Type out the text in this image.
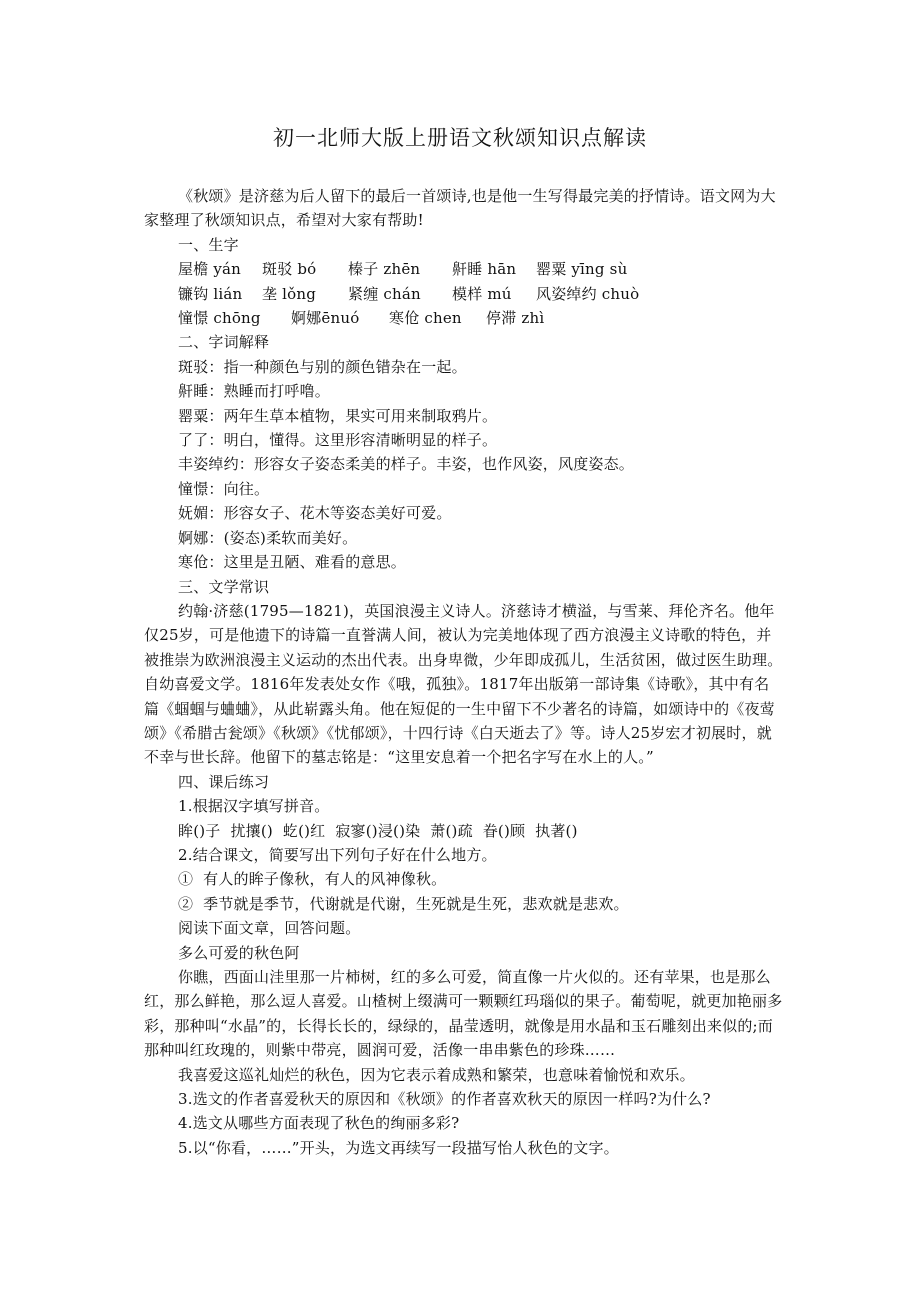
初一北师大版上册语文秋颂知识点解读

《秋颂》是济慈为后人留下的最后一首颂诗,也是他一生写得最完美的抒情诗。语文网为大家整理了秋颂知识点，希望对大家有帮助!

一、生字

屋檐 yán 斑驳 bó 榛子 zhēn 鼾睡 hān 罂粟 yīng sù
镰钩 lián 垄 lǒng 紧缠 chán 模样 mú 风姿绰约 chuò
憧憬 chōng 婀娜ēnuó 寒伧 chen 停滞 zhì

二、字词解释

斑驳：指一种颜色与别的颜色错杂在一起。

鼾睡：熟睡而打呼噜。

罂粟：两年生草本植物，果实可用来制取鸦片。

了了：明白，懂得。这里形容清晰明显的样子。

丰姿绰约：形容女子姿态柔美的样子。丰姿，也作风姿，风度姿态。

憧憬：向往。

妩媚：形容女子、花木等姿态美好可爱。

婀娜：(姿态)柔软而美好。

寒伧：这里是丑陋、难看的意思。

三、文学常识

约翰·济慈(1795—1821)，英国浪漫主义诗人。济慈诗才横溢，与雪莱、拜伦齐名。他年仅25岁，可是他遗下的诗篇一直誉满人间，被认为完美地体现了西方浪漫主义诗歌的特色，并被推崇为欧洲浪漫主义运动的杰出代表。出身卑微，少年即成孤儿，生活贫困，做过医生助理。自幼喜爱文学。1816年发表处女作《哦，孤独》。1817年出版第一部诗集《诗歌》，其中有名篇《蝈蝈与蛐蛐》，从此崭露头角。他在短促的一生中留下不少著名的诗篇，如颂诗中的《夜莺颂》《希腊古瓮颂》《秋颂》《忧郁颂》，十四行诗《白天逝去了》等。诗人25岁宏才初展时，就不幸与世长辞。他留下的墓志铭是：“这里安息着一个把名字写在水上的人。”

四、课后练习

1.根据汉字填写拼音。

眸()子  扰攘()  虼()红  寂寥()浸()染  萧()疏  眷()顾  执著()

2.结合课文，简要写出下列句子好在什么地方。

①  有人的眸子像秋，有人的风神像秋。

②  季节就是季节，代谢就是代谢，生死就是生死，悲欢就是悲欢。

阅读下面文章，回答问题。

多么可爱的秋色阿

你瞧，西面山洼里那一片柿树，红的多么可爱，简直像一片火似的。还有苹果，也是那么红，那么鲜艳，那么逗人喜爱。山楂树上缀满可一颗颗红玛瑙似的果子。葡萄呢，就更加艳丽多彩，那种叫“水晶”的，长得长长的，绿绿的，晶莹透明，就像是用水晶和玉石雕刻出来似的;而那种叫红玫瑰的，则紫中带亮，圆润可爱，活像一串串紫色的珍珠……

我喜爱这巡礼灿烂的秋色，因为它表示着成熟和繁荣，也意味着愉悦和欢乐。

3.选文的作者喜爱秋天的原因和《秋颂》的作者喜欢秋天的原因一样吗?为什么?

4.选文从哪些方面表现了秋色的绚丽多彩?

5.以“你看，……”开头，为选文再续写一段描写怡人秋色的文字。
